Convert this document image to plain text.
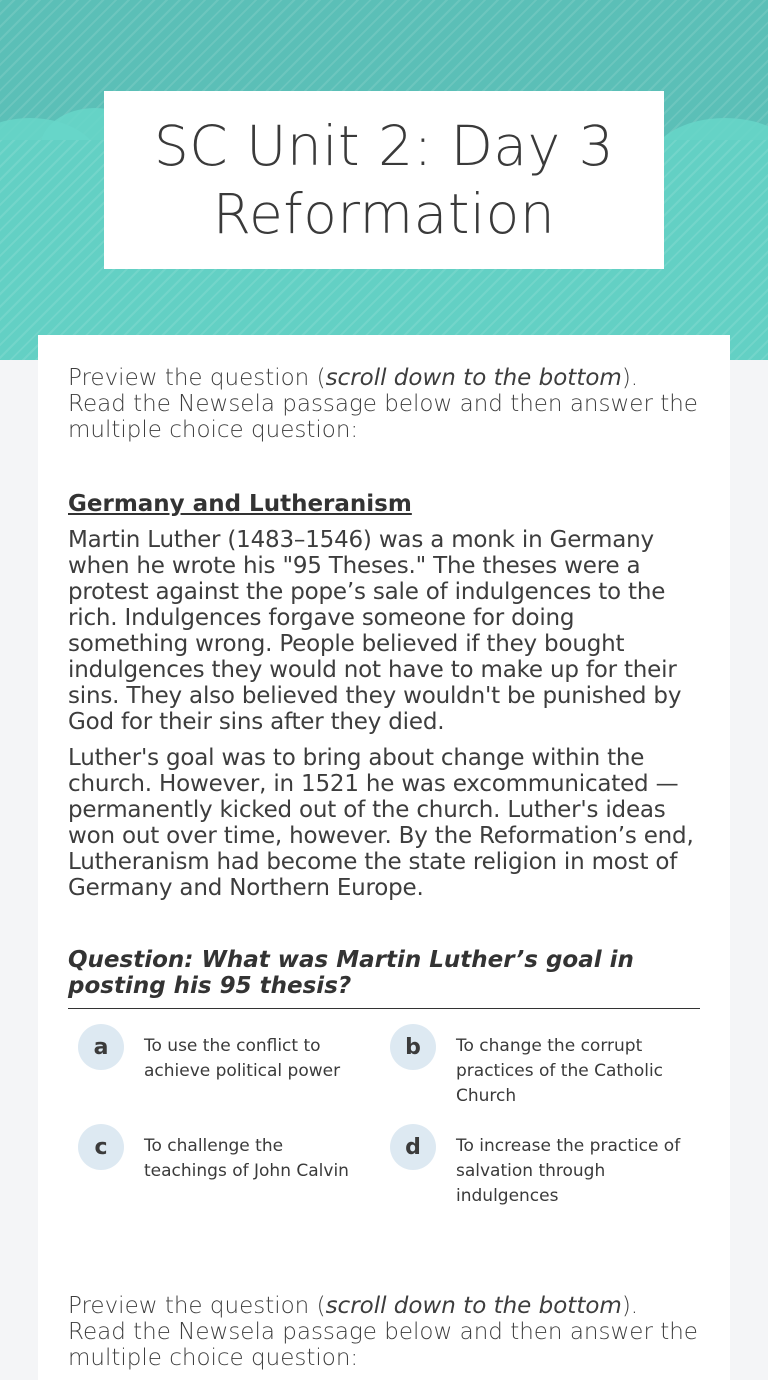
SC Unit 2: Day 3
Reformation

Preview the question (scroll down to the bottom). Read the Newsela passage below and then answer the multiple choice question:

Germany and Lutheranism

Martin Luther (1483–1546) was a monk in Germany when he wrote his "95 Theses." The theses were a protest against the pope’s sale of indulgences to the rich. Indulgences forgave someone for doing something wrong. People believed if they bought indulgences they would not have to make up for their sins. They also believed they wouldn't be punished by God for their sins after they died.

Luther's goal was to bring about change within the church. However, in 1521 he was excommunicated — permanently kicked out of the church. Luther's ideas won out over time, however. By the Reformation’s end, Lutheranism had become the state religion in most of Germany and Northern Europe.

Question: What was Martin Luther’s goal in posting his 95 thesis?

a	To use the conflict to achieve political power
b	To change the corrupt practices of the Catholic Church
c	To challenge the teachings of John Calvin
d	To increase the practice of salvation through indulgences

Preview the question (scroll down to the bottom). Read the Newsela passage below and then answer the multiple choice question:
